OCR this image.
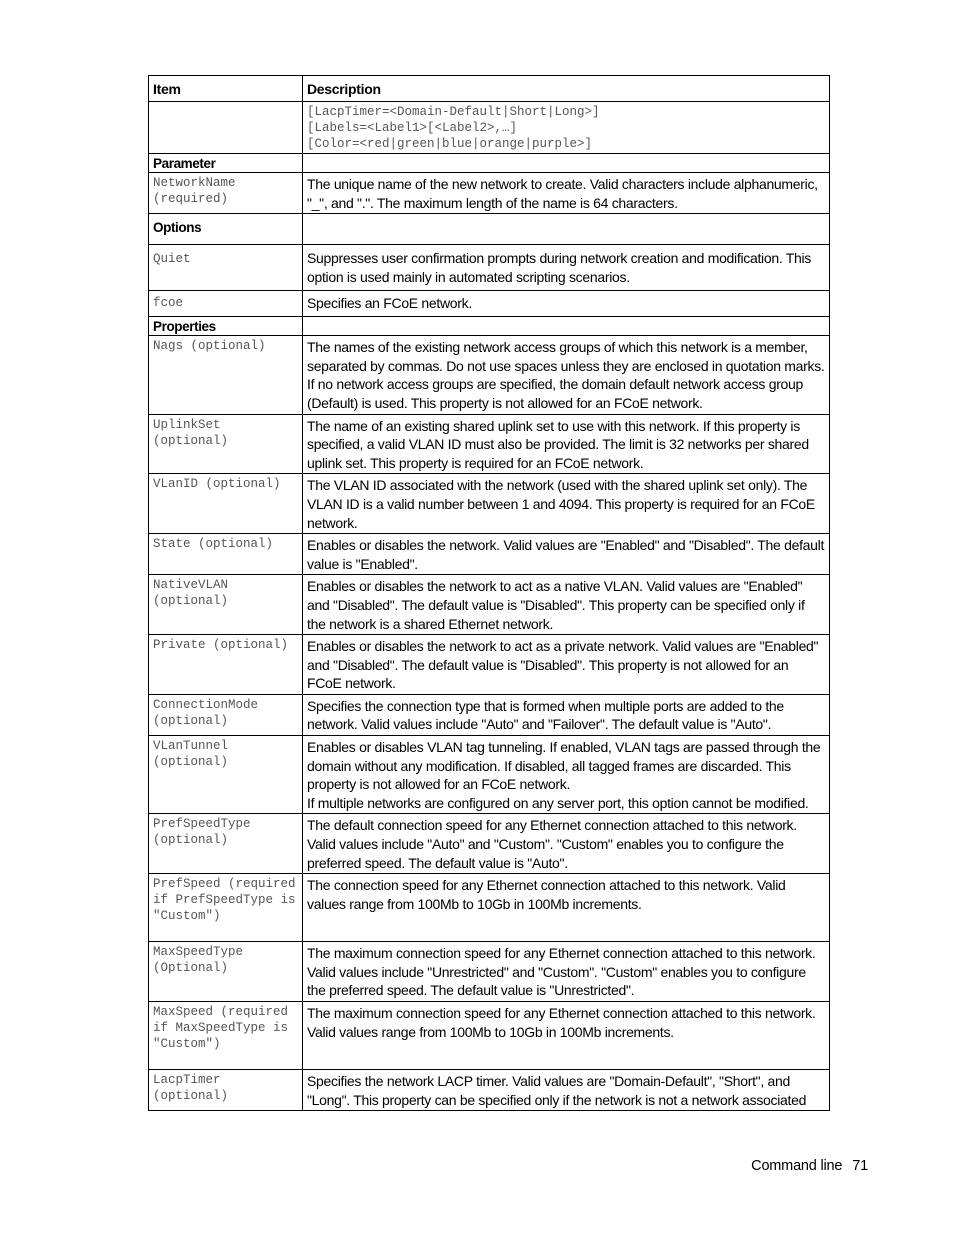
Item	Description

	[LacpTimer=<Domain-Default|Short|Long>]
[Labels=<Label1>[<Label2>,…]
[Color=<red|green|blue|orange|purple>]

Parameter	
NetworkName (required)	The unique name of the new network to create. Valid characters include alphanumeric, "_", and ".". The maximum length of the name is 64 characters.
Options	
Quiet	Suppresses user confirmation prompts during network creation and modification. This option is used mainly in automated scripting scenarios.
fcoe	Specifies an FCoE network.
Properties	
Nags (optional)	The names of the existing network access groups of which this network is a member, separated by commas. Do not use spaces unless they are enclosed in quotation marks. If no network access groups are specified, the domain default network access group (Default) is used. This property is not allowed for an FCoE network.
UplinkSet (optional)	The name of an existing shared uplink set to use with this network. If this property is specified, a valid VLAN ID must also be provided. The limit is 32 networks per shared uplink set. This property is required for an FCoE network.
VLanID (optional)	The VLAN ID associated with the network (used with the shared uplink set only). The VLAN ID is a valid number between 1 and 4094. This property is required for an FCoE network.
State (optional)	Enables or disables the network. Valid values are "Enabled" and "Disabled". The default value is "Enabled".
NativeVLAN (optional)	Enables or disables the network to act as a native VLAN. Valid values are "Enabled" and "Disabled". The default value is "Disabled". This property can be specified only if the network is a shared Ethernet network.
Private (optional)	Enables or disables the network to act as a private network. Valid values are "Enabled" and "Disabled". The default value is "Disabled". This property is not allowed for an FCoE network.
ConnectionMode (optional)	Specifies the connection type that is formed when multiple ports are added to the network. Valid values include "Auto" and "Failover". The default value is "Auto".
VLanTunnel (optional)	Enables or disables VLAN tag tunneling. If enabled, VLAN tags are passed through the domain without any modification. If disabled, all tagged frames are discarded. This property is not allowed for an FCoE network.
If multiple networks are configured on any server port, this option cannot be modified.

PrefSpeedType (optional)	The default connection speed for any Ethernet connection attached to this network. Valid values include "Auto" and "Custom". "Custom" enables you to configure the preferred speed. The default value is "Auto".
PrefSpeed (required if PrefSpeedType is "Custom")	The connection speed for any Ethernet connection attached to this network. Valid values range from 100Mb to 10Gb in 100Mb increments.
MaxSpeedType (Optional)	The maximum connection speed for any Ethernet connection attached to this network. Valid values include "Unrestricted" and "Custom". "Custom" enables you to configure the preferred speed. The default value is "Unrestricted".
MaxSpeed (required if MaxSpeedType is "Custom")	The maximum connection speed for any Ethernet connection attached to this network. Valid values range from 100Mb to 10Gb in 100Mb increments.
LacpTimer (optional)	Specifies the network LACP timer. Valid values are "Domain-Default", "Short", and "Long". This property can be specified only if the network is not a network associated
Command line 71
